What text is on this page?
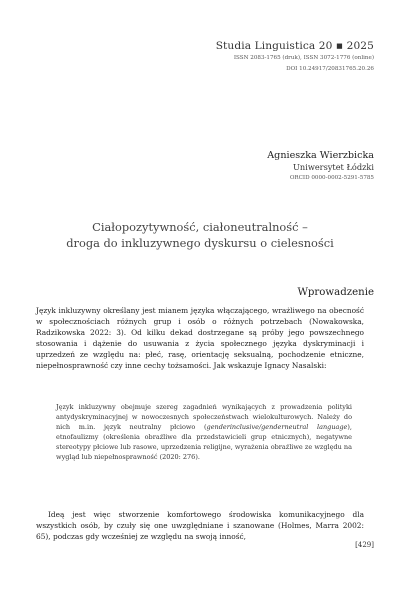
Studia Linguistica 20 ▪ 2025
ISSN 2083-1765 (druk), ISSN 3072-1776 (online)
DOI 10.24917/20831765.20.26
Agnieszka Wierzbicka
Uniwersytet Łódzki
ORCID 0000-0002-5291-5785
Ciałopozytywność, ciałoneutralność –
droga do inkluzywnego dyskursu o cielesności
Wprowadzenie
Język inkluzywny określany jest mianem języka włączającego, wrażliwego na obecność w społecznościach różnych grup i osób o różnych potrzebach (Nowakowska, Radzikowska 2022: 3). Od kilku dekad dostrzegane są próby jego powszechnego stosowania i dążenie do usuwania z życia społecznego języka dyskryminacji i uprzedzeń ze względu na: płeć, rasę, orientację seksualną, pochodzenie etniczne, niepełnosprawność czy inne cechy tożsamości. Jak wskazuje Ignacy Nasalski:
Język inkluzywny obejmuje szereg zagadnień wynikających z prowadzenia polityki antydyskryminacyjnej w nowoczesnych społeczeństwach wielokulturowych. Należy do nich m.in. język neutralny płciowo (genderinclusive/genderneutral language), etnofaulizmy (określenia obraźliwe dla przedstawicieli grup etnicznych), negatywne stereotypy płciowe lub rasowe, uprzedzenia religijne, wyrażenia obraźliwe ze względu na wygląd lub niepełnosprawność (2020: 276).
Ideą jest więc stworzenie komfortowego środowiska komunikacyjnego dla wszystkich osób, by czuły się one uwzględniane i szanowane (Holmes, Marra 2002: 65), podczas gdy wcześniej ze względu na swoją inność,
[429]
